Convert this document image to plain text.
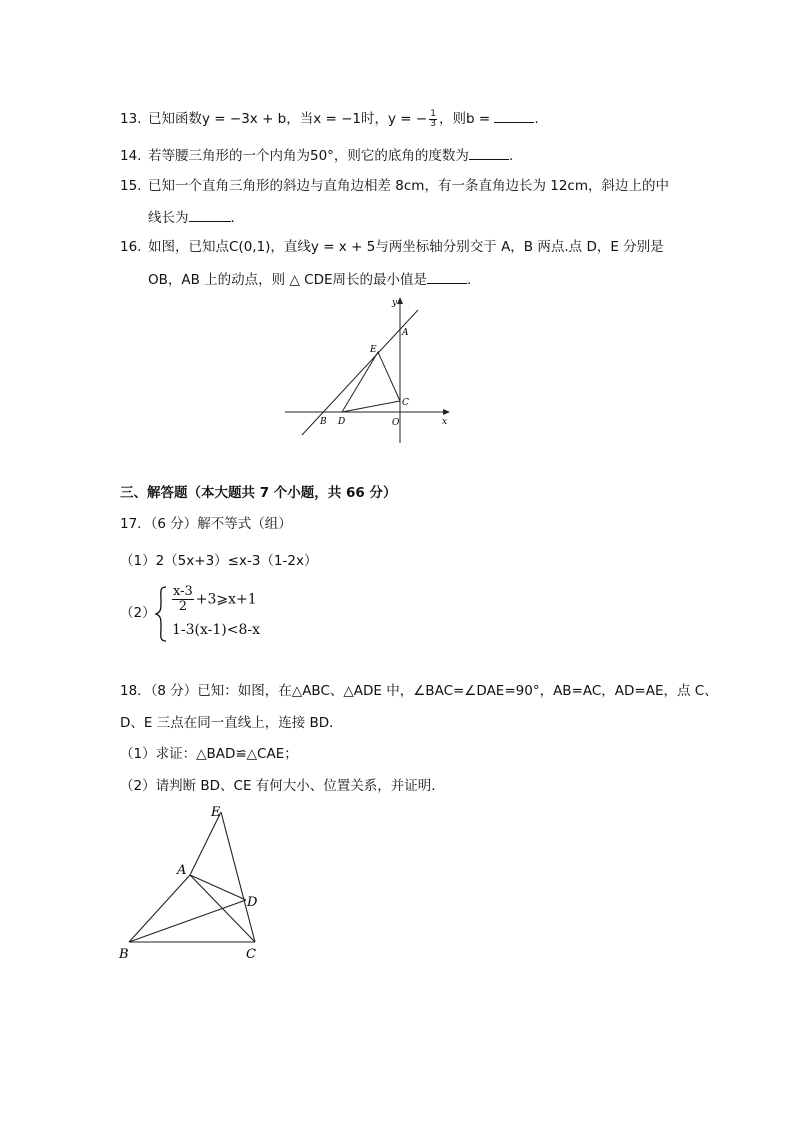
13. 已知函数y = −3x + b，当x = −1时，y = − $\frac{1}{3}$ ，则b =	.
14. 若等腰三角形的一个内角为50°，则它的底角的度数为	.
15. 已知一个直角三角形的斜边与直角边相差 8cm，有一条直角边长为 12cm，斜边上的中
线长为	.
16. 如图，已知点C(0,1)，直线y = x + 5与两坐标轴分别交于 A，B 两点.点 D，E 分别是
OB，AB 上的动点，则 △ CDE周长的最小值是	.
y
A
E
C
B D	O	x
三、解答题（本大题共 7 个小题，共 66 分）
17．（6 分）解不等式（组）
（1）2（5x+3）≤x-3（1-2x）
$(2) \frac{x-3}{2}$ +3⩾x+1
1-3(x-1)<8-x
18．（8 分）已知：如图，在△ABC、△ADE 中，∠BAC=∠DAE=90°，AB=AC，AD=AE，点 C、
D、E 三点在同一直线上，连接 BD．
（1）求证：△BAD≌△CAE；
（2）请判断 BD、CE 有何大小、位置关系，并证明．
E
A
D
B	C
